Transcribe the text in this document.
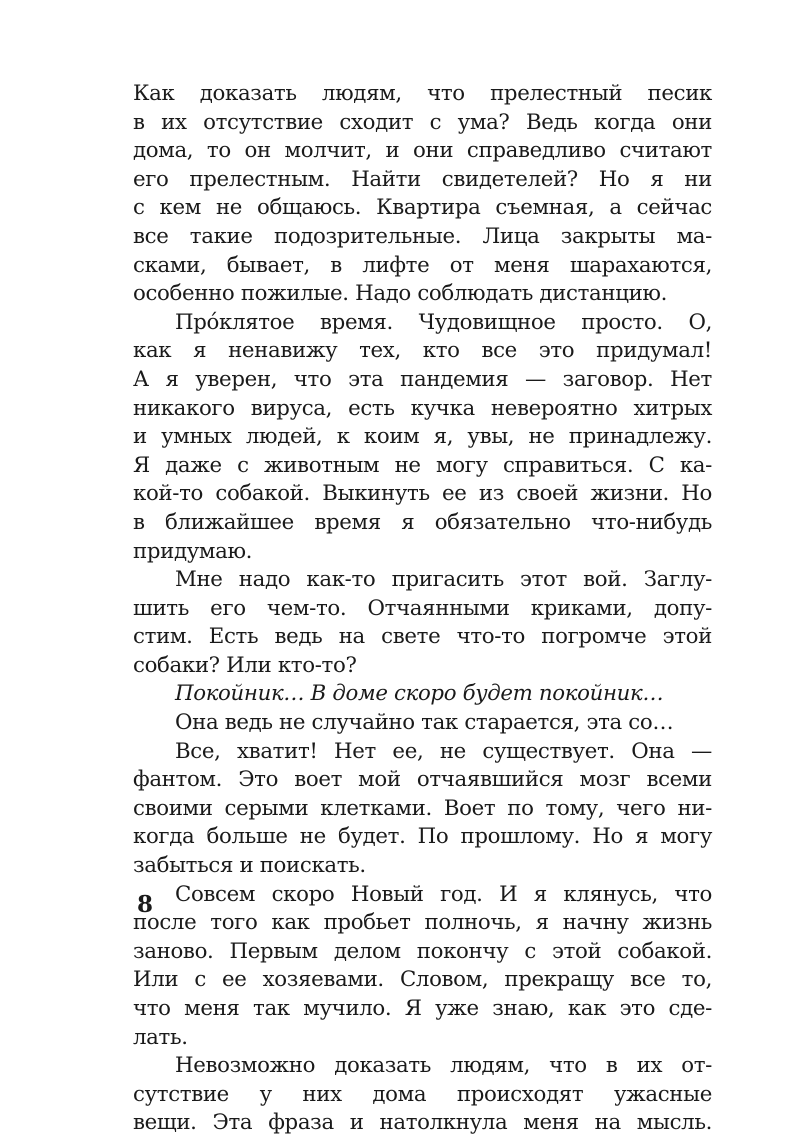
Как доказать людям, что прелестный песик
в их отсутствие сходит с ума? Ведь когда они
дома, то он молчит, и они справедливо считают
его прелестным. Найти свидетелей? Но я ни
с кем не общаюсь. Квартира съемная, а сейчас
все такие подозрительные. Лица закрыты ма-
сками, бывает, в лифте от меня шарахаются,
особенно пожилые. Надо соблюдать дистанцию.
Прóклятое время. Чудовищное просто. О,
как я ненавижу тех, кто все это придумал!
А я уверен, что эта пандемия — заговор. Нет
никакого вируса, есть кучка невероятно хитрых
и умных людей, к коим я, увы, не принадлежу.
Я даже с животным не могу справиться. С ка-
кой-то собакой. Выкинуть ее из своей жизни. Но
в ближайшее время я обязательно что-нибудь
придумаю.
Мне надо как-то пригасить этот вой. Заглу-
шить его чем-то. Отчаянными криками, допу-
стим. Есть ведь на свете что-то погромче этой
собаки? Или кто-то?
Покойник… В доме скоро будет покойник…
Она ведь не случайно так старается, эта со…
Все, хватит! Нет ее, не существует. Она —
фантом. Это воет мой отчаявшийся мозг всеми
своими серыми клетками. Воет по тому, чего ни-
когда больше не будет. По прошлому. Но я могу
забыться и поискать.
Совсем скоро Новый год. И я клянусь, что
после того как пробьет полночь, я начну жизнь
заново. Первым делом покончу с этой собакой.
Или с ее хозяевами. Словом, прекращу все то,
что меня так мучило. Я уже знаю, как это сде-
лать.
Невозможно доказать людям, что в их от-
сутствие у них дома происходят ужасные
вещи. Эта фраза и натолкнула меня на мысль.
8
